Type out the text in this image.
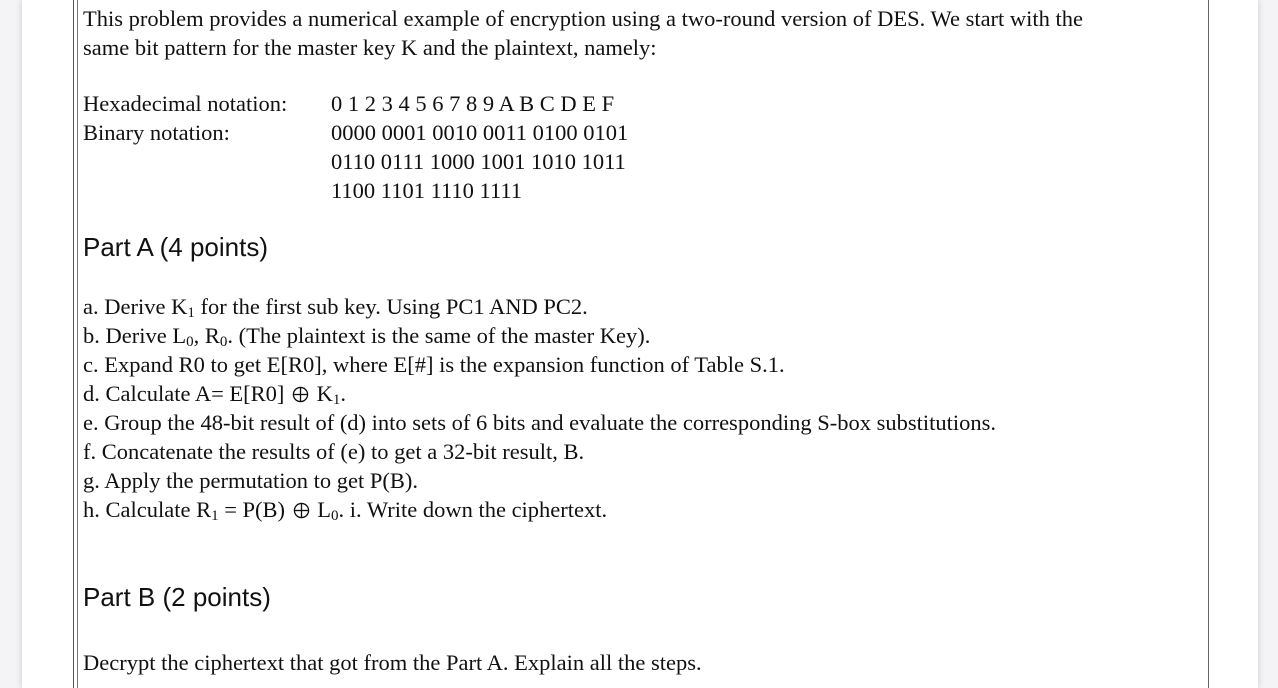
This problem provides a numerical example of encryption using a two-round version of DES. We start with the
same bit pattern for the master key K and the plaintext, namely:
Hexadecimal notation:	0 1 2 3 4 5 6 7 8 9 A B C D E F
Binary notation:	0000 0001 0010 0011 0100 0101
0110 0111 1000 1001 1010 1011
1100 1101 1110 1111
Part A (4 points)
a. Derive $K_1$ for the first sub key. Using PC1 AND PC2.
b. Derive $L_0$, $R_0$. (The plaintext is the same of the master Key).
c. Expand R0 to get E[R0], where E[#] is the expansion function of Table S.1.
d. Calculate A= E[R0]  $K_1$.
e. Group the 48-bit result of (d) into sets of 6 bits and evaluate the corresponding S-box substitutions.
f. Concatenate the results of (e) to get a 32-bit result, B.
g. Apply the permutation to get P(B).
h. Calculate $R_1 = P(B)$  $L_0$. i. Write down the ciphertext.
Part B (2 points)
Decrypt the ciphertext that got from the Part A. Explain all the steps.
